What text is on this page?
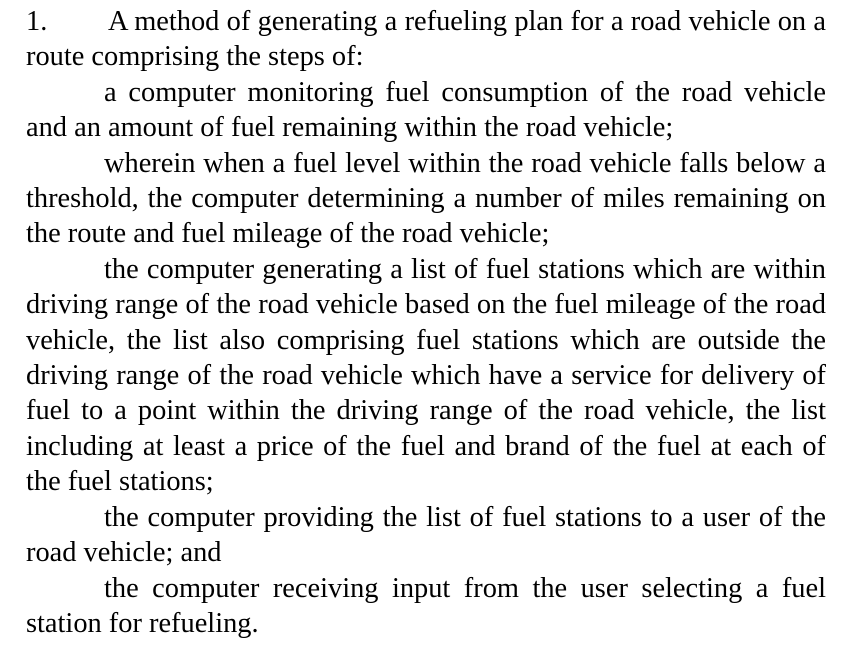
1. A method of generating a refueling plan for a road vehicle on a route comprising the steps of:

a computer monitoring fuel consumption of the road vehicle and an amount of fuel remaining within the road vehicle;

wherein when a fuel level within the road vehicle falls below a threshold, the computer determining a number of miles remaining on the route and fuel mileage of the road vehicle;

the computer generating a list of fuel stations which are within driving range of the road vehicle based on the fuel mileage of the road vehicle, the list also comprising fuel stations which are outside the driving range of the road vehicle which have a service for delivery of fuel to a point within the driving range of the road vehicle, the list including at least a price of the fuel and brand of the fuel at each of the fuel stations;

the computer providing the list of fuel stations to a user of the road vehicle; and

the computer receiving input from the user selecting a fuel station for refueling.
